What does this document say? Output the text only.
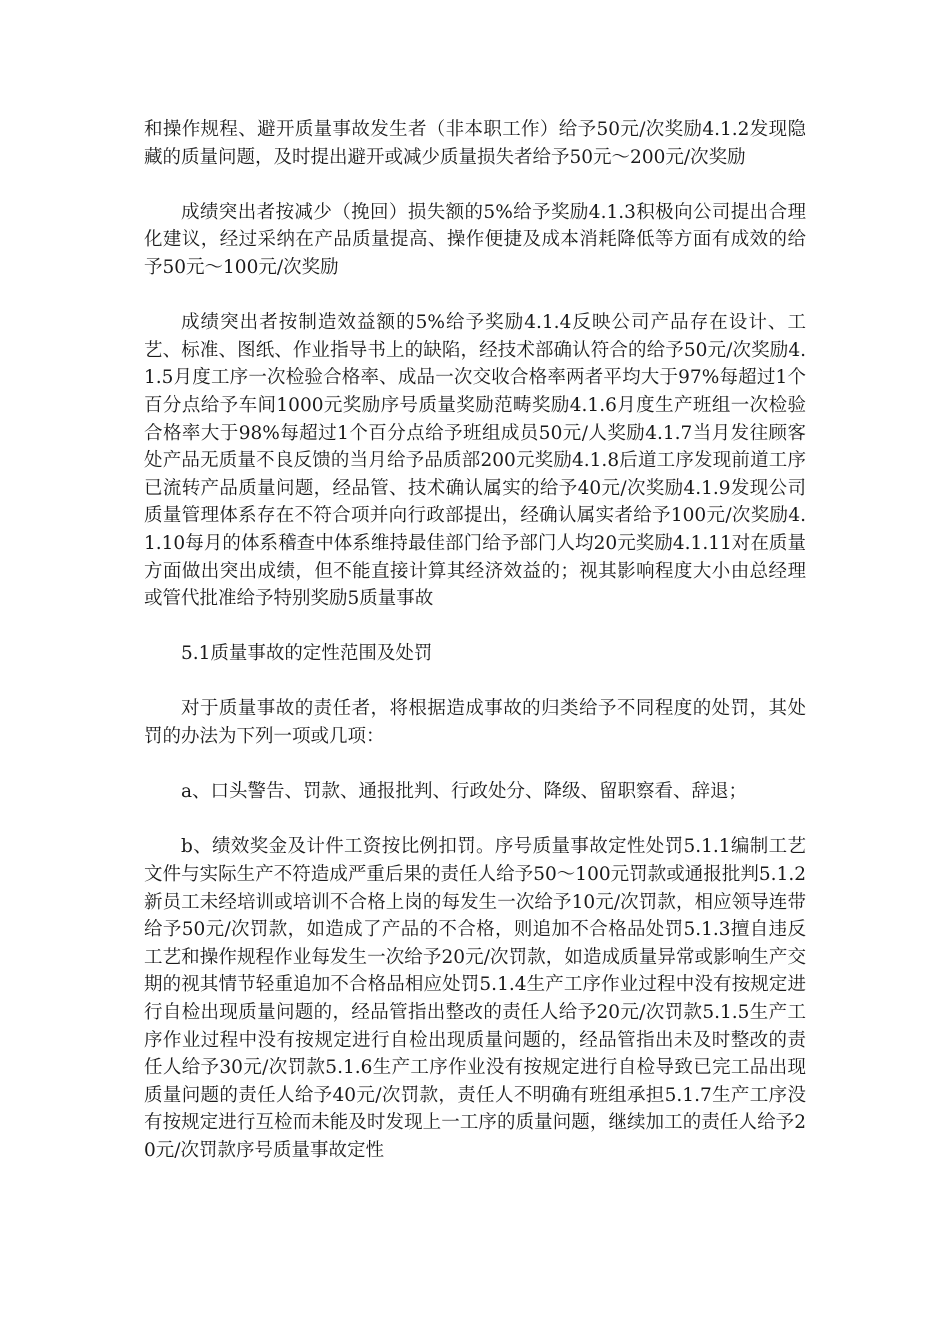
和操作规程、避开质量事故发生者（非本职工作）给予50元/次奖励4.1.2发现隐藏的质量问题，及时提出避开或减少质量损失者给予50元～200元/次奖励

成绩突出者按减少（挽回）损失额的5%给予奖励4.1.3积极向公司提出合理化建议，经过采纳在产品质量提高、操作便捷及成本消耗降低等方面有成效的给予50元～100元/次奖励

成绩突出者按制造效益额的5%给予奖励4.1.4反映公司产品存在设计、工艺、标准、图纸、作业指导书上的缺陷，经技术部确认符合的给予50元/次奖励4.1.5月度工序一次检验合格率、成品一次交收合格率两者平均大于97%每超过1个百分点给予车间1000元奖励序号质量奖励范畴奖励4.1.6月度生产班组一次检验合格率大于98%每超过1个百分点给予班组成员50元/人奖励4.1.7当月发往顾客处产品无质量不良反馈的当月给予品质部200元奖励4.1.8后道工序发现前道工序已流转产品质量问题，经品管、技术确认属实的给予40元/次奖励4.1.9发现公司质量管理体系存在不符合项并向行政部提出，经确认属实者给予100元/次奖励4.1.10每月的体系稽查中体系维持最佳部门给予部门人均20元奖励4.1.11对在质量方面做出突出成绩，但不能直接计算其经济效益的；视其影响程度大小由总经理或管代批准给予特别奖励5质量事故

5.1质量事故的定性范围及处罚

对于质量事故的责任者，将根据造成事故的归类给予不同程度的处罚，其处罚的办法为下列一项或几项：

a、口头警告、罚款、通报批判、行政处分、降级、留职察看、辞退；

b、绩效奖金及计件工资按比例扣罚。序号质量事故定性处罚5.1.1编制工艺文件与实际生产不符造成严重后果的责任人给予50～100元罚款或通报批判5.1.2新员工未经培训或培训不合格上岗的每发生一次给予10元/次罚款，相应领导连带给予50元/次罚款，如造成了产品的不合格，则追加不合格品处罚5.1.3擅自违反工艺和操作规程作业每发生一次给予20元/次罚款，如造成质量异常或影响生产交期的视其情节轻重追加不合格品相应处罚5.1.4生产工序作业过程中没有按规定进行自检出现质量问题的，经品管指出整改的责任人给予20元/次罚款5.1.5生产工序作业过程中没有按规定进行自检出现质量问题的，经品管指出未及时整改的责任人给予30元/次罚款5.1.6生产工序作业没有按规定进行自检导致已完工品出现质量问题的责任人给予40元/次罚款，责任人不明确有班组承担5.1.7生产工序没有按规定进行互检而未能及时发现上一工序的质量问题，继续加工的责任人给予20元/次罚款序号质量事故定性
